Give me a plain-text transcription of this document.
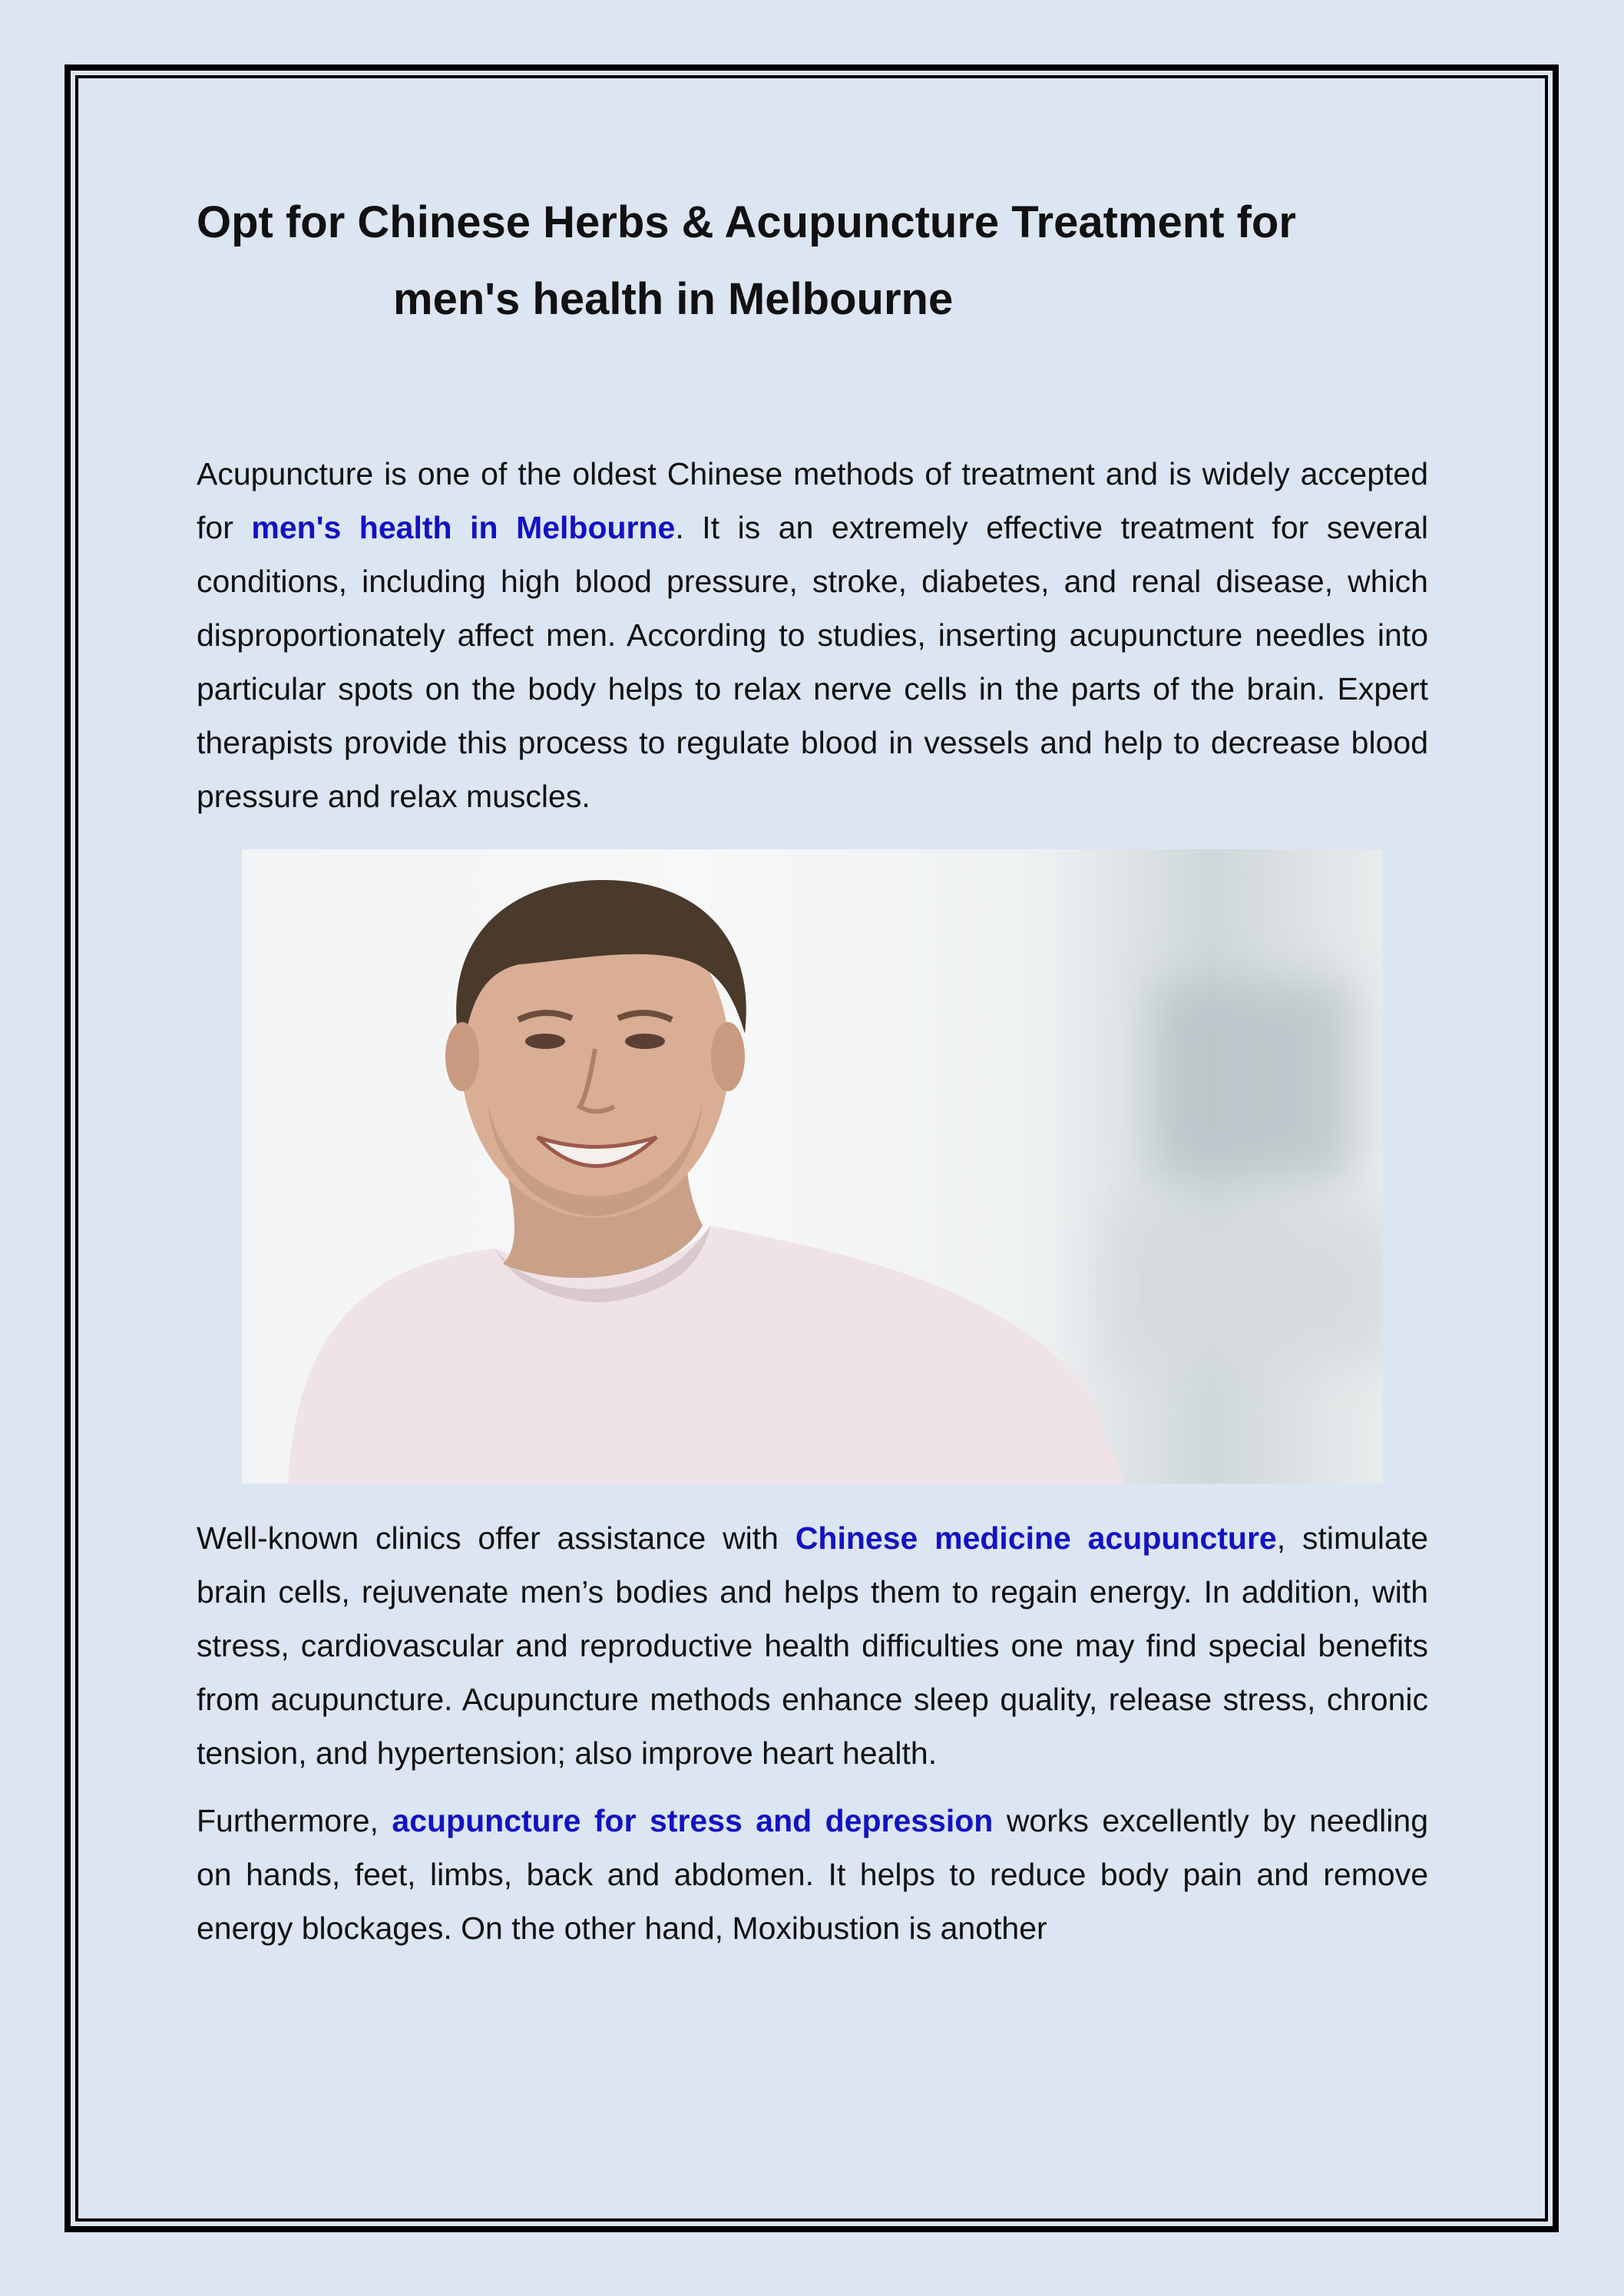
Opt for Chinese Herbs & Acupuncture Treatment for
men's health in Melbourne

Acupuncture is one of the oldest Chinese methods of treatment and is widely accepted for men's health in Melbourne. It is an extremely effective treatment for several conditions, including high blood pressure, stroke, diabetes, and renal disease, which disproportionately affect men. According to studies, inserting acupuncture needles into particular spots on the body helps to relax nerve cells in the parts of the brain. Expert therapists provide this process to regulate blood in vessels and help to decrease blood pressure and relax muscles.

Well-known clinics offer assistance with Chinese medicine acupuncture, stimulate brain cells, rejuvenate men’s bodies and helps them to regain energy. In addition, with stress, cardiovascular and reproductive health difficulties one may find special benefits from acupuncture. Acupuncture methods enhance sleep quality, release stress, chronic tension, and hypertension; also improve heart health.

Furthermore, acupuncture for stress and depression works excellently by needling on hands, feet, limbs, back and abdomen. It helps to reduce body pain and remove energy blockages. On the other hand, Moxibustion is another
